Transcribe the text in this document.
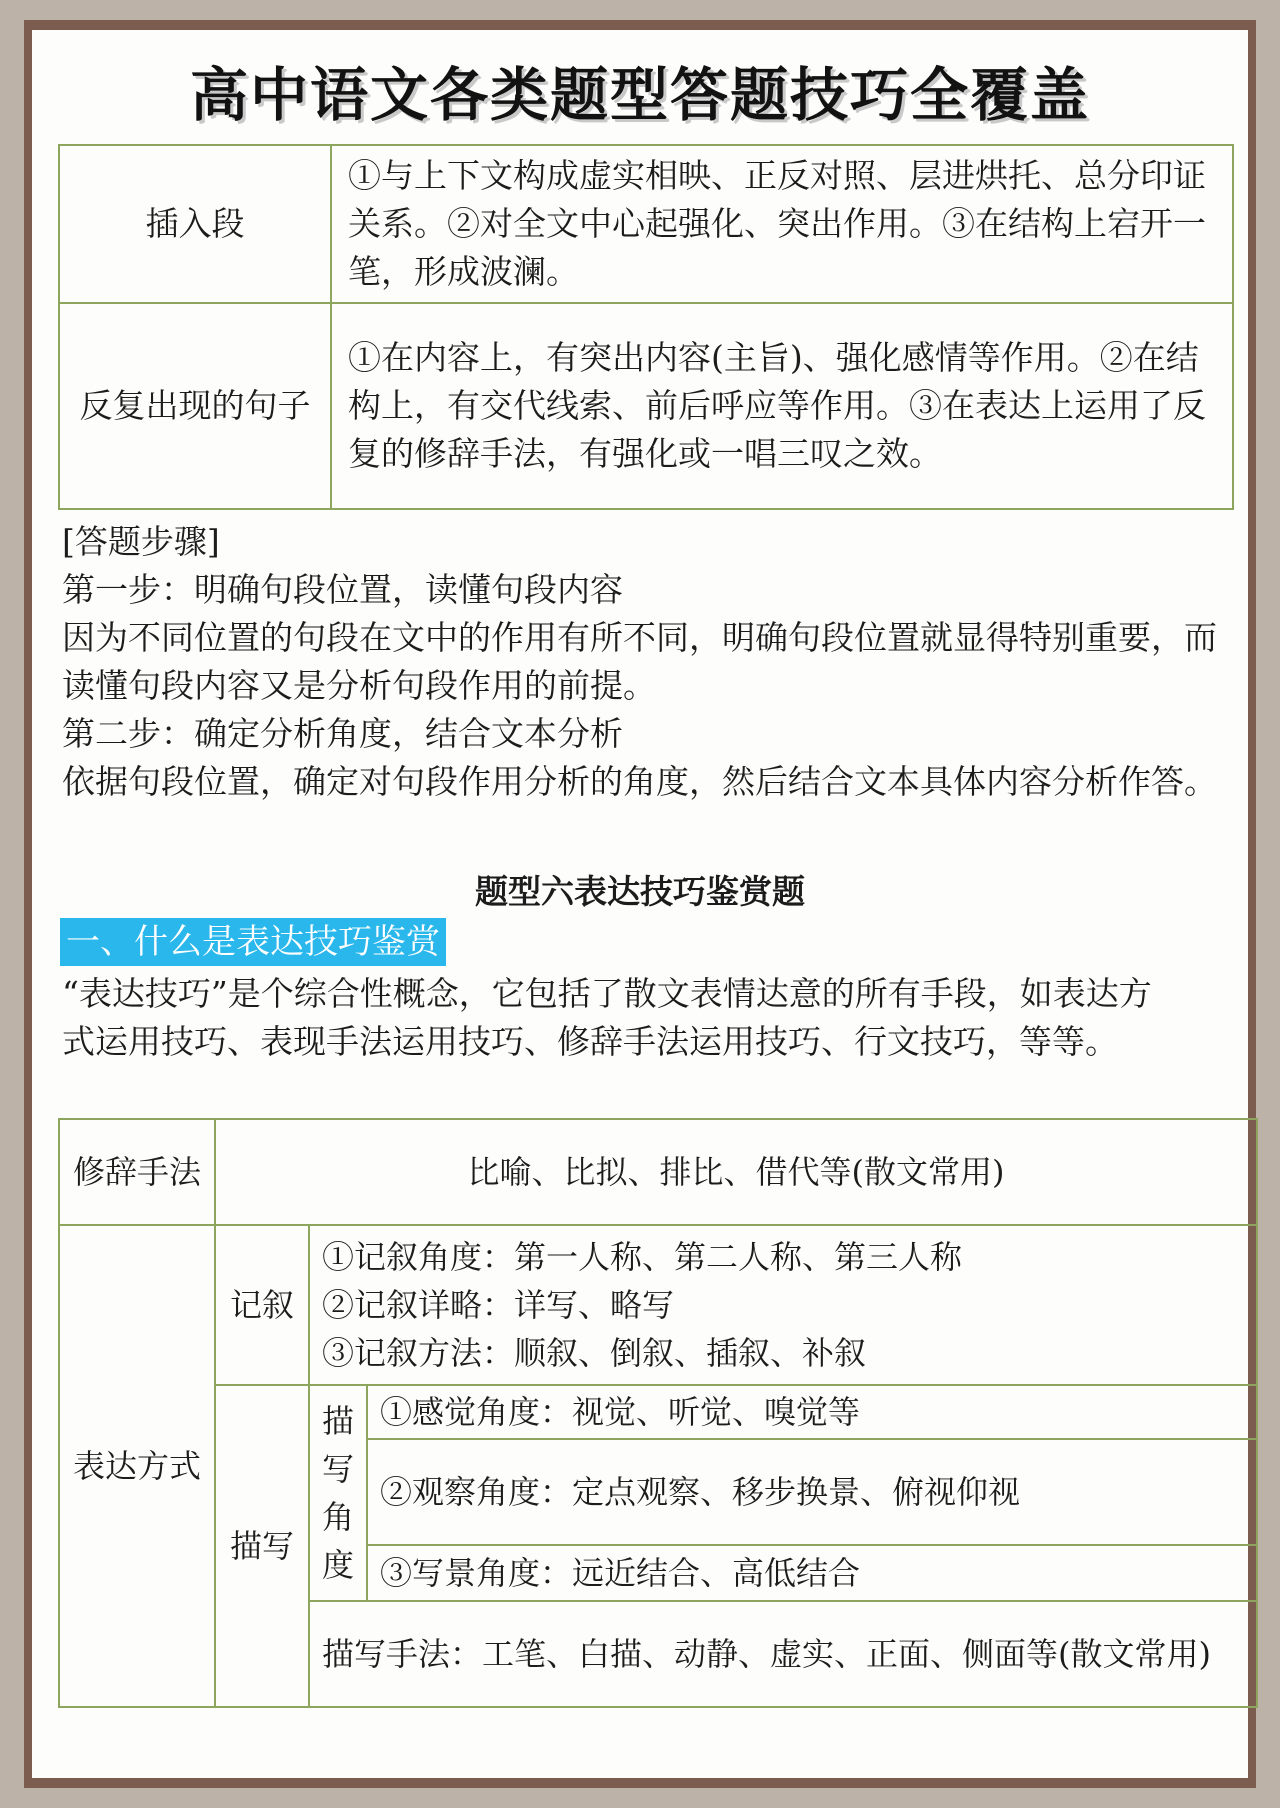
高中语文各类题型答题技巧全覆盖
插入段	①与上下文构成虚实相映、正反对照、层进烘托、总分印证关系。②对全文中心起强化、突出作用。③在结构上宕开一笔，形成波澜。
反复出现的句子	①在内容上，有突出内容(主旨)、强化感情等作用。②在结构上，有交代线索、前后呼应等作用。③在表达上运用了反复的修辞手法，有强化或一唱三叹之效。

[答题步骤]

第一步：明确句段位置，读懂句段内容

因为不同位置的句段在文中的作用有所不同，明确句段位置就显得特别重要，而读懂句段内容又是分析句段作用的前提。

第二步：确定分析角度，结合文本分析

依据句段位置，确定对句段作用分析的角度，然后结合文本具体内容分析作答。

题型六表达技巧鉴赏题
一、什么是表达技巧鉴赏
“表达技巧”是个综合性概念，它包括了散文表情达意的所有手段，如表达方式运用技巧、表现手法运用技巧、修辞手法运用技巧、行文技巧，等等。
修辞手法	比喻、比拟、排比、借代等(散文常用)		
表达方式	记叙	①记叙角度：第一人称、第二人称、第三人称
②记叙详略：详写、略写
③记叙方法：顺叙、倒叙、插叙、补叙	

	描写	描写角度	①感觉角度：视觉、听觉、嗅觉等
			②观察角度：定点观察、移步换景、俯视仰视
			③写景角度：远近结合、高低结合
		描写手法：工笔、白描、动静、虚实、正面、侧面等(散文常用)	
